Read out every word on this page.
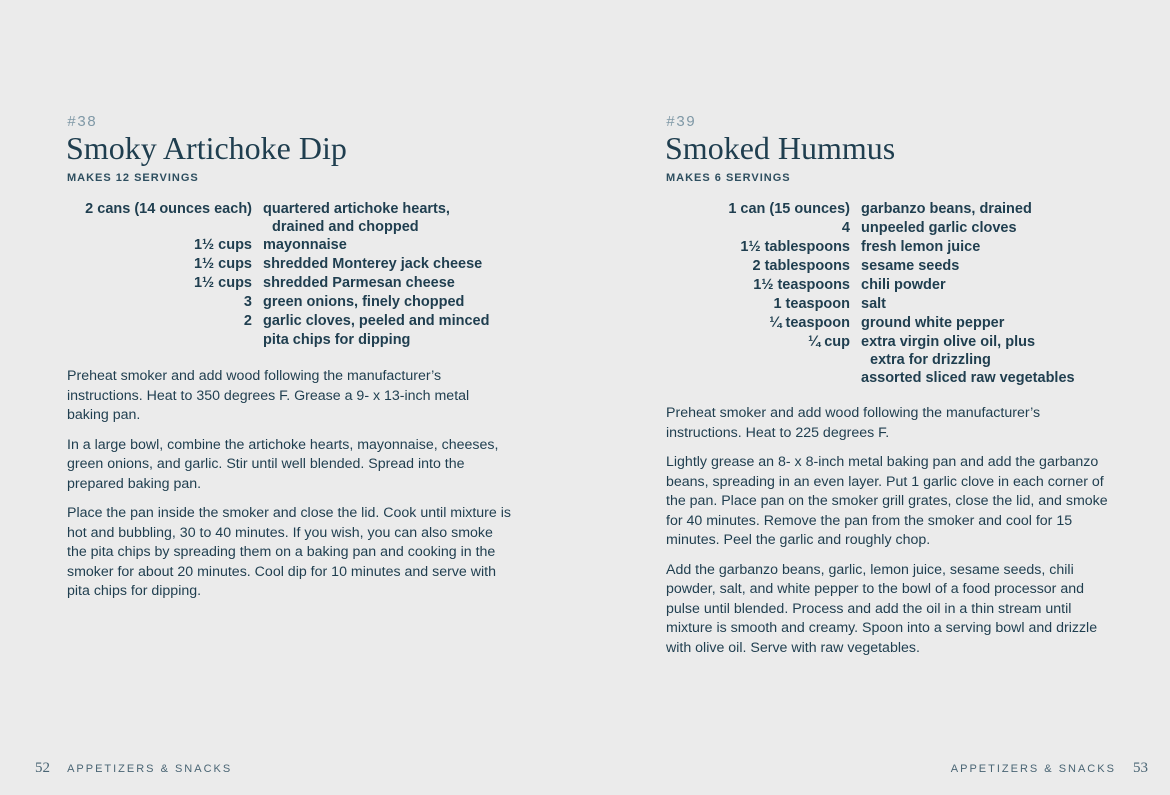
#38
Smoky Artichoke Dip
MAKES 12 SERVINGS
2 cans (14 ounces each) quartered artichoke hearts,
drained and chopped
1½ cups mayonnaise
1½ cups shredded Monterey jack cheese
1½ cups shredded Parmesan cheese
3 green onions, finely chopped
2 garlic cloves, peeled and minced
pita chips for dipping

Preheat smoker and add wood following the manufacturer’s instructions. Heat to 350 degrees F. Grease a 9- x 13-inch metal baking pan.

In a large bowl, combine the artichoke hearts, mayonnaise, cheeses, green onions, and garlic. Stir until well blended. Spread into the prepared baking pan.

Place the pan inside the smoker and close the lid. Cook until mixture is hot and bubbling, 30 to 40 minutes. If you wish, you can also smoke the pita chips by spreading them on a baking pan and cooking in the smoker for about 20 minutes. Cool dip for 10 minutes and serve with pita chips for dipping.

52 APPETIZERS & SNACKS
#39
Smoked Hummus
MAKES 6 SERVINGS
1 can (15 ounces) garbanzo beans, drained
4 unpeeled garlic cloves
1½ tablespoons fresh lemon juice
2 tablespoons sesame seeds
1½ teaspoons chili powder
1 teaspoon salt
¼ teaspoon ground white pepper
¼ cup extra virgin olive oil, plus
extra for drizzling
assorted sliced raw vegetables

Preheat smoker and add wood following the manufacturer’s instructions. Heat to 225 degrees F.

Lightly grease an 8- x 8-inch metal baking pan and add the garbanzo beans, spreading in an even layer. Put 1 garlic clove in each corner of the pan. Place pan on the smoker grill grates, close the lid, and smoke for 40 minutes. Remove the pan from the smoker and cool for 15 minutes. Peel the garlic and roughly chop.

Add the garbanzo beans, garlic, lemon juice, sesame seeds, chili powder, salt, and white pepper to the bowl of a food processor and pulse until blended. Process and add the oil in a thin stream until mixture is smooth and creamy. Spoon into a serving bowl and drizzle with olive oil. Serve with raw vegetables.

APPETIZERS & SNACKS 53
